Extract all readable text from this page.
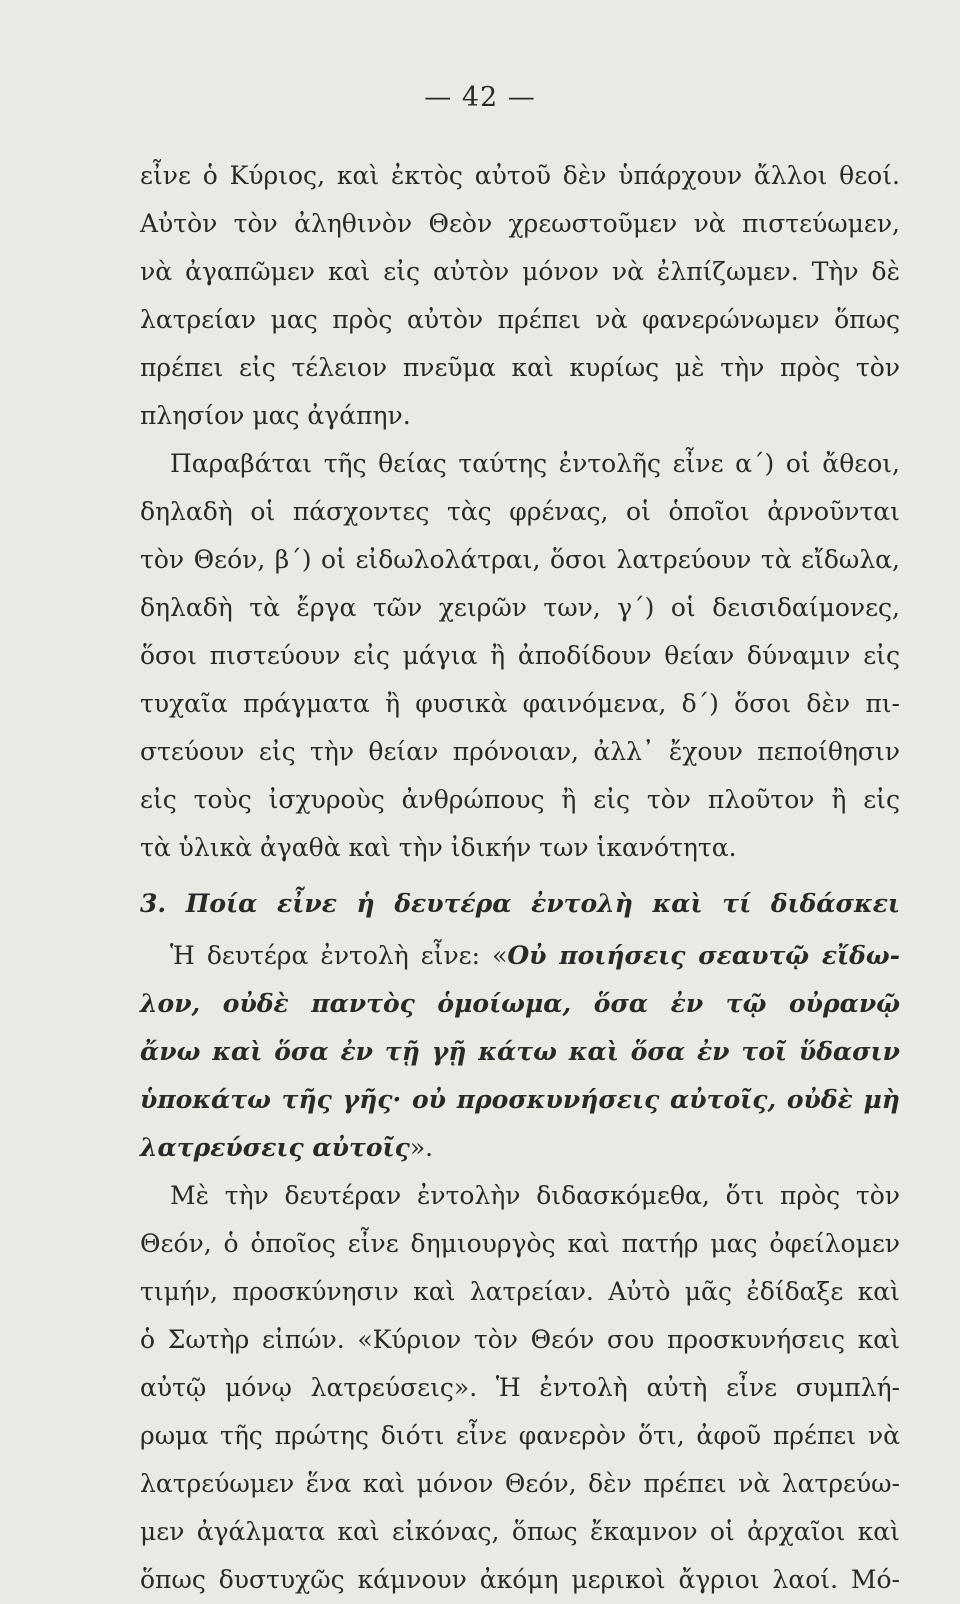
— 42 —
εἶνε ὁ Κύριος, καὶ ἐκτὸς αὐτοῦ δὲν ὑπάρχουν ἄλλοι θεοί.
Αὐτὸν τὸν ἀληθινὸν Θεὸν χρεωστοῦμεν νὰ πιστεύωμεν,
νὰ ἀγαπῶμεν καὶ εἰς αὐτὸν μόνον νὰ ἐλπίζωμεν. Τὴν δὲ
λατρείαν μας πρὸς αὐτὸν πρέπει νὰ φανερώνωμεν ὅπως
πρέπει εἰς τέλειον πνεῦμα καὶ κυρίως μὲ τὴν πρὸς τὸν
πλησίον μας ἀγάπην.
Παραβάται τῆς θείας ταύτης ἐντολῆς εἶνε α΄) οἱ ἄθεοι,
δηλαδὴ οἱ πάσχοντες τὰς φρένας, οἱ ὁποῖοι ἀρνοῦνται
τὸν Θεόν, β΄) οἱ εἰδωλολάτραι, ὅσοι λατρεύουν τὰ εἴδωλα,
δηλαδὴ τὰ ἔργα τῶν χειρῶν των, γ΄) οἱ δεισιδαίμονες,
ὅσοι πιστεύουν εἰς μάγια ἢ ἀποδίδουν θείαν δύναμιν εἰς
τυχαῖα πράγματα ἢ φυσικὰ φαινόμενα, δ΄) ὅσοι δὲν πι-
στεύουν εἰς τὴν θείαν πρόνοιαν, ἀλλ᾽ ἔχουν πεποίθησιν
εἰς τοὺς ἰσχυροὺς ἀνθρώπους ἢ εἰς τὸν πλοῦτον ἢ εἰς
τὰ ὑλικὰ ἀγαθὰ καὶ τὴν ἰδικήν των ἱκανότητα.
3. Ποία εἶνε ἡ δευτέρα ἐντολὴ καὶ τί διδάσκει
Ἡ δευτέρα ἐντολὴ εἶνε: «Οὐ ποιήσεις σεαυτῷ εἴδω-
λον, οὐδὲ παντὸς ὁμοίωμα, ὅσα ἐν τῷ οὐρανῷ
ἄνω καὶ ὅσα ἐν τῇ γῇ κάτω καὶ ὅσα ἐν τοῖ ὕδασιν
ὑποκάτω τῆς γῆς· οὐ προσκυνήσεις αὐτοῖς, οὐδὲ μὴ
λατρεύσεις αὐτοῖς».
Μὲ τὴν δευτέραν ἐντολὴν διδασκόμεθα, ὅτι πρὸς τὸν
Θεόν, ὁ ὁποῖος εἶνε δημιουργὸς καὶ πατήρ μας ὀφείλομεν
τιμήν, προσκύνησιν καὶ λατρείαν. Αὐτὸ μᾶς ἐδίδαξε καὶ
ὁ Σωτὴρ εἰπών. «Κύριον τὸν Θεόν σου προσκυνήσεις καὶ
αὐτῷ μόνῳ λατρεύσεις». Ἡ ἐντολὴ αὐτὴ εἶνε συμπλή-
ρωμα τῆς πρώτης διότι εἶνε φανερὸν ὅτι, ἀφοῦ πρέπει νὰ
λατρεύωμεν ἕνα καὶ μόνον Θεόν, δὲν πρέπει νὰ λατρεύω-
μεν ἀγάλματα καὶ εἰκόνας, ὅπως ἔκαμνον οἱ ἀρχαῖοι καὶ
ὅπως δυστυχῶς κάμνουν ἀκόμη μερικοὶ ἄγριοι λαοί. Μό-
